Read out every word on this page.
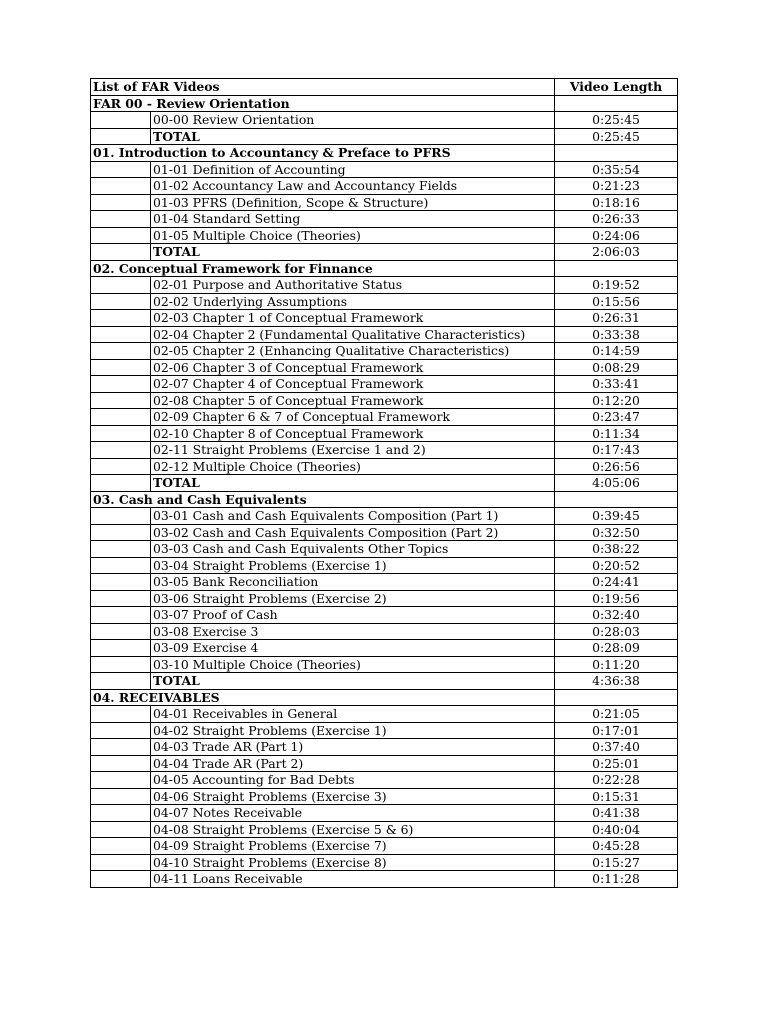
List of FAR Videos		Video Length
FAR 00 - Review Orientation		
	00-00 Review Orientation	0:25:45
	TOTAL	0:25:45
01. Introduction to Accountancy & Preface to PFRS		
	01-01 Definition of Accounting	0:35:54
	01-02 Accountancy Law and Accountancy Fields	0:21:23
	01-03 PFRS (Definition, Scope & Structure)	0:18:16
	01-04 Standard Setting	0:26:33
	01-05 Multiple Choice (Theories)	0:24:06
	TOTAL	2:06:03
02. Conceptual Framework for Finnance		
	02-01 Purpose and Authoritative Status	0:19:52
	02-02 Underlying Assumptions	0:15:56
	02-03 Chapter 1 of Conceptual Framework	0:26:31
	02-04 Chapter 2 (Fundamental Qualitative Characteristics)	0:33:38
	02-05 Chapter 2 (Enhancing Qualitative Characteristics)	0:14:59
	02-06 Chapter 3 of Conceptual Framework	0:08:29
	02-07 Chapter 4 of Conceptual Framework	0:33:41
	02-08 Chapter 5 of Conceptual Framework	0:12:20
	02-09 Chapter 6 & 7 of Conceptual Framework	0:23:47
	02-10 Chapter 8 of Conceptual Framework	0:11:34
	02-11 Straight Problems (Exercise 1 and 2)	0:17:43
	02-12 Multiple Choice (Theories)	0:26:56
	TOTAL	4:05:06
03. Cash and Cash Equivalents		
	03-01 Cash and Cash Equivalents Composition (Part 1)	0:39:45
	03-02 Cash and Cash Equivalents Composition (Part 2)	0:32:50
	03-03 Cash and Cash Equivalents Other Topics	0:38:22
	03-04 Straight Problems (Exercise 1)	0:20:52
	03-05 Bank Reconciliation	0:24:41
	03-06 Straight Problems (Exercise 2)	0:19:56
	03-07 Proof of Cash	0:32:40
	03-08 Exercise 3	0:28:03
	03-09 Exercise 4	0:28:09
	03-10 Multiple Choice (Theories)	0:11:20
	TOTAL	4:36:38
04. RECEIVABLES		
	04-01 Receivables in General	0:21:05
	04-02 Straight Problems (Exercise 1)	0:17:01
	04-03 Trade AR (Part 1)	0:37:40
	04-04 Trade AR (Part 2)	0:25:01
	04-05 Accounting for Bad Debts	0:22:28
	04-06 Straight Problems (Exercise 3)	0:15:31
	04-07 Notes Receivable	0:41:38
	04-08 Straight Problems (Exercise 5 & 6)	0:40:04
	04-09 Straight Problems (Exercise 7)	0:45:28
	04-10 Straight Problems (Exercise 8)	0:15:27
	04-11 Loans Receivable	0:11:28
